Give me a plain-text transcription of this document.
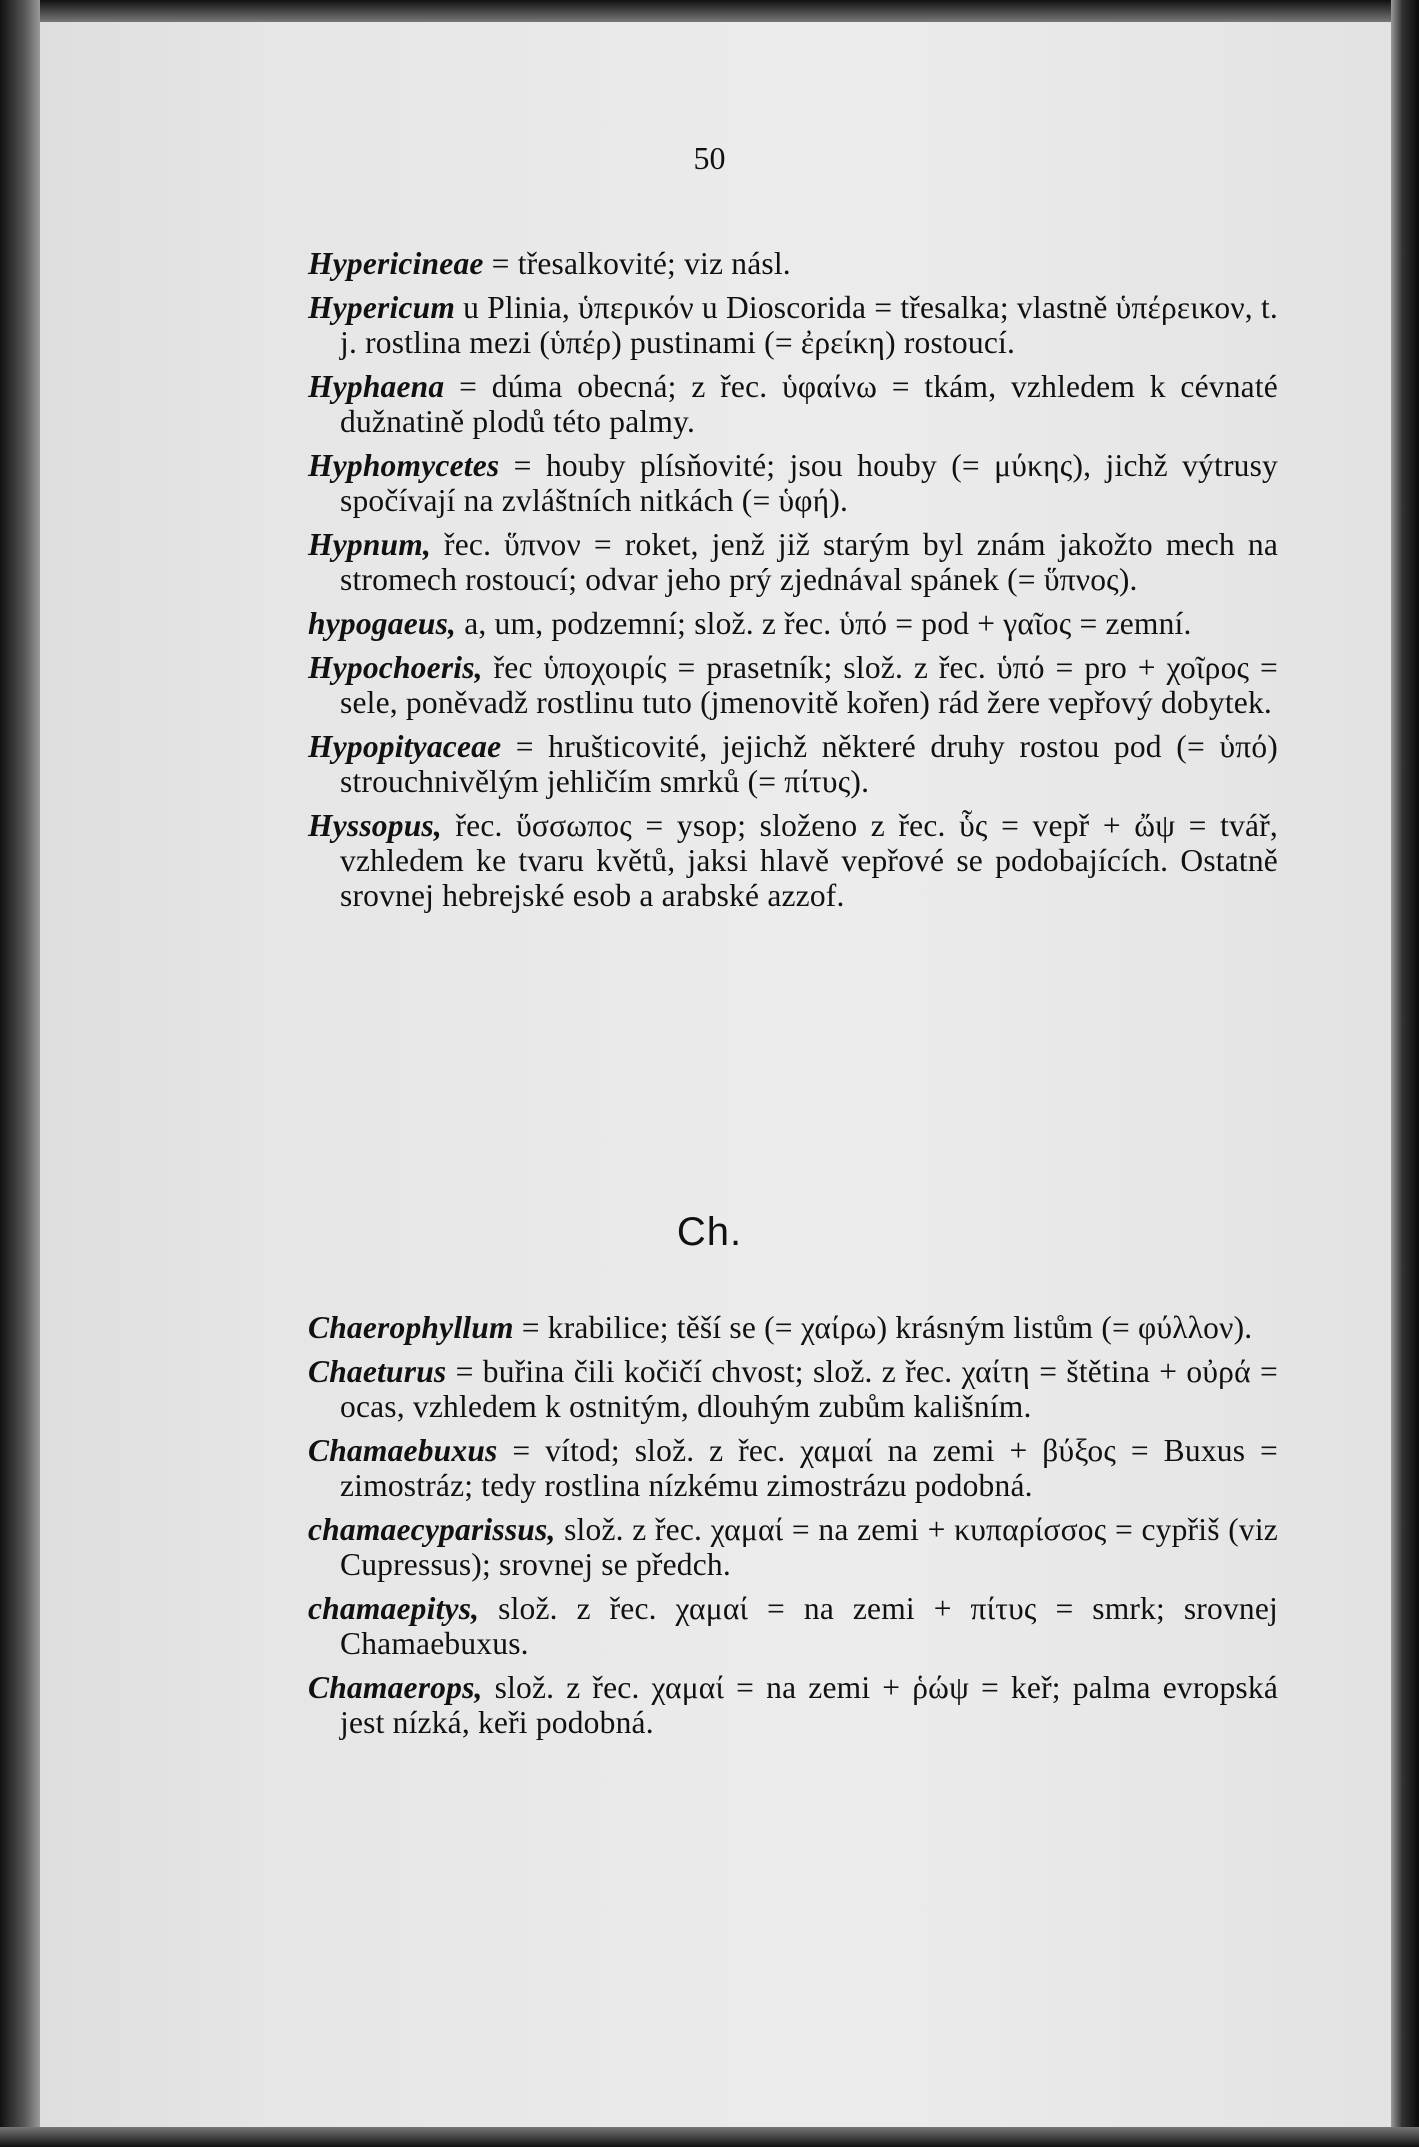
50

Hypericineae = třesalkovité; viz násl.

Hypericum u Plinia, ὑπερικόν u Dioscorida = třesalka; vlastně ὑπέρεικον, t. j. rostlina mezi (ὑπέρ) pustinami (= ἐρείκη) rostoucí.

Hyphaena = dúma obecná; z řec. ὑφαίνω = tkám, vzhledem k cévnaté dužnatině plodů této palmy.

Hyphomycetes = houby plísňovité; jsou houby (= μύκης), jichž výtrusy spočívají na zvláštních nitkách (= ὑφή).

Hypnum, řec. ὕπνον = roket, jenž již starým byl znám jakožto mech na stromech rostoucí; odvar jeho prý zjednával spánek (= ὕπνος).

hypogaeus, a, um, podzemní; slož. z řec. ὑπό = pod + γαῖος = zemní.

Hypochoeris, řec ὑποχοιρίς = prasetník; slož. z řec. ὑπό = pro + χοῖρος = sele, poněvadž rostlinu tuto (jmenovitě kořen) rád žere vepřový dobytek.

Hypopityaceae = hrušticovité, jejichž některé druhy rostou pod (= ὑπό) strouchnivělým jehličím smrků (= πίτυς).

Hyssopus, řec. ὕσσωπος = ysop; složeno z řec. ὗς = vepř + ὤψ = tvář, vzhledem ke tvaru květů, jaksi hlavě vepřové se podobajících. Ostatně srovnej hebrejské esob a arabské azzof.

Ch.

Chaerophyllum = krabilice; těší se (= χαίρω) krásným listům (= φύλλον).

Chaeturus = buřina čili kočičí chvost; slož. z řec. χαίτη = štětina + οὐρά = ocas, vzhledem k ostnitým, dlouhým zubům kališním.

Chamaebuxus = vítod; slož. z řec. χαμαί na zemi + βύξος = Buxus = zimostráz; tedy rostlina nízkému zimostrázu podobná.

chamaecyparissus, slož. z řec. χαμαί = na zemi + κυπαρίσσος = cypřiš (viz Cupressus); srovnej se předch.

chamaepitys, slož. z řec. χαμαί = na zemi + πίτυς = smrk; srovnej Chamaebuxus.

Chamaerops, slož. z řec. χαμαί = na zemi + ῥώψ = keř; palma evropská jest nízká, keři podobná.
